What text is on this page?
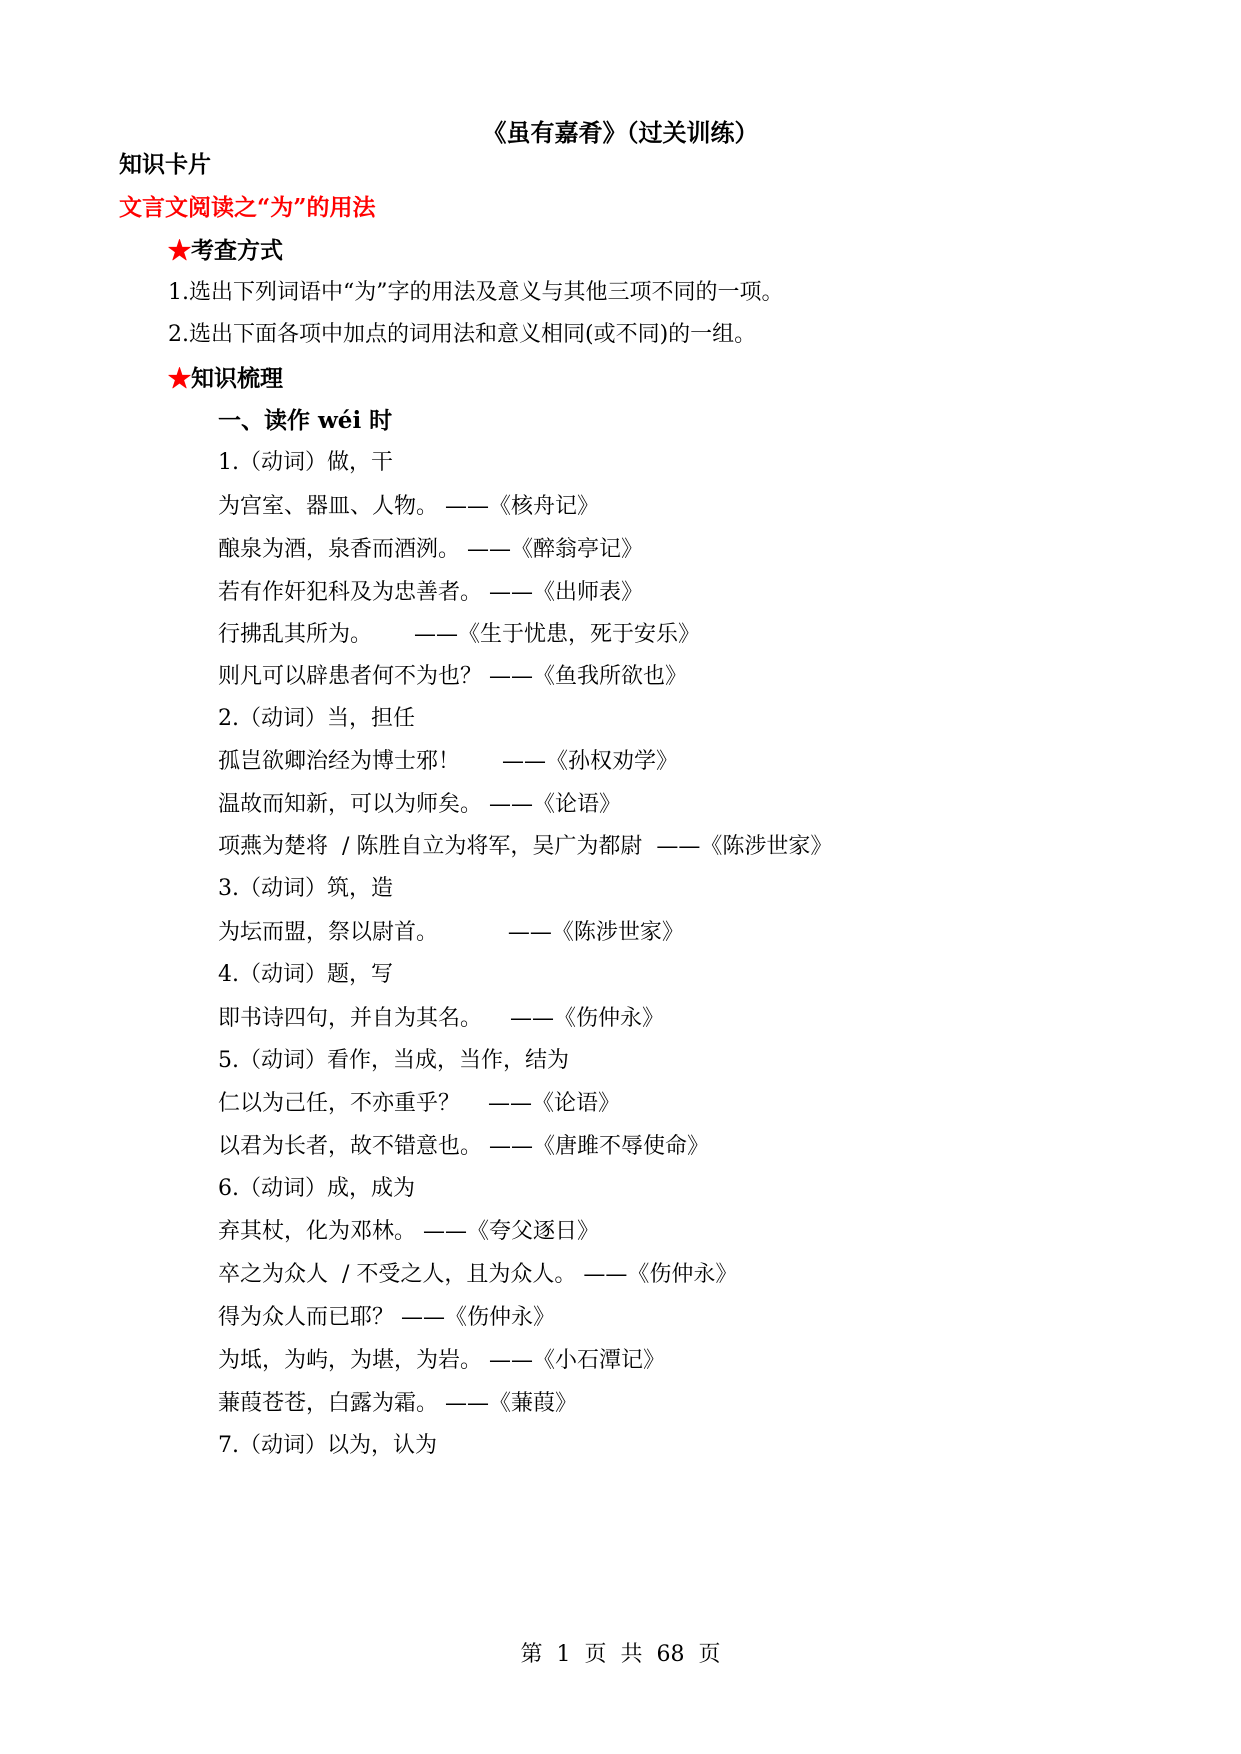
《虽有嘉肴》（过关训练）
知识卡片
文言文阅读之“为”的用法
★考查方式
1.选出下列词语中“为”字的用法及意义与其他三项不同的一项。
2.选出下面各项中加点的词用法和意义相同(或不同)的一组。
★知识梳理
一、读作 wéi 时
1.（动词）做，干
为宫室、器皿、人物。 ——《核舟记》
酿泉为酒，泉香而酒洌。 ——《醉翁亭记》
若有作奸犯科及为忠善者。 ——《出师表》
行拂乱其所为。      ——《生于忧患，死于安乐》
则凡可以辟患者何不为也？ ——《鱼我所欲也》
2.（动词）当，担任
孤岂欲卿治经为博士邪！      ——《孙权劝学》
温故而知新，可以为师矣。 ——《论语》
项燕为楚将  / 陈胜自立为将军，吴广为都尉  ——《陈涉世家》
3.（动词）筑，造
为坛而盟，祭以尉首。          ——《陈涉世家》
4.（动词）题，写
即书诗四句，并自为其名。    ——《伤仲永》
5.（动词）看作，当成，当作，结为
仁以为己任，不亦重乎？    ——《论语》
以君为长者，故不错意也。 ——《唐雎不辱使命》
6.（动词）成，成为
弃其杖，化为邓林。 ——《夸父逐日》
卒之为众人  / 不受之人，且为众人。 ——《伤仲永》
得为众人而已耶？ ——《伤仲永》
为坻，为屿，为堪，为岩。 ——《小石潭记》
蒹葭苍苍，白露为霜。 ——《蒹葭》
7.（动词）以为，认为
第  1  页  共  68  页
